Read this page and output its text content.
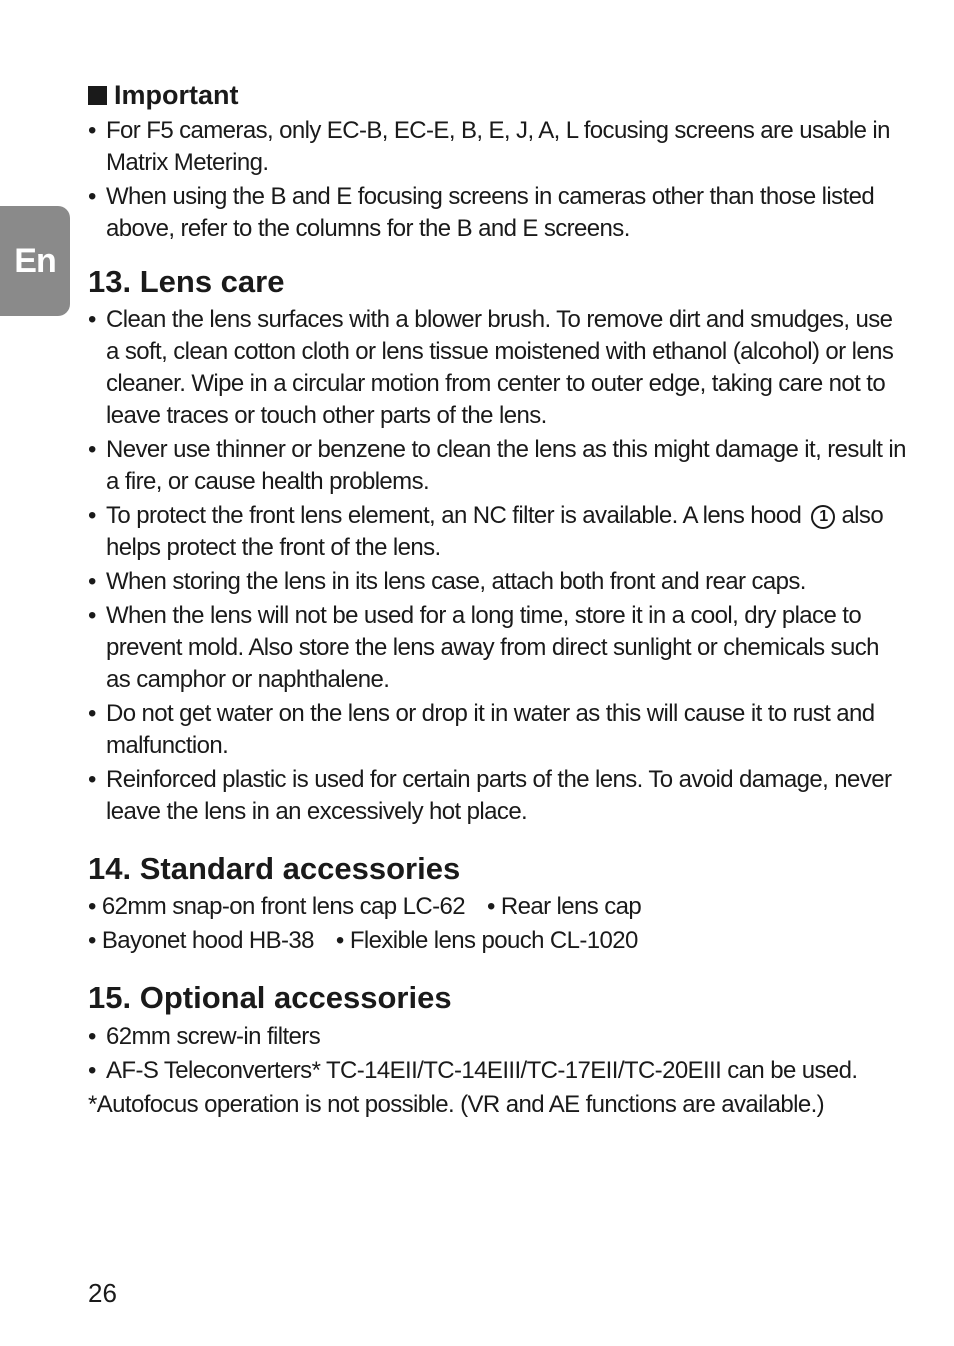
En
Important
• For F5 cameras, only EC-B, EC-E, B, E, J, A, L focusing screens are usable in Matrix Metering.
• When using the B and E focusing screens in cameras other than those listed above, refer to the columns for the B and E screens.
13. Lens care
• Clean the lens surfaces with a blower brush. To remove dirt and smudges, use a soft, clean cotton cloth or lens tissue moistened with ethanol (alcohol) or lens cleaner. Wipe in a circular motion from center to outer edge, taking care not to leave traces or touch other parts of the lens.
• Never use thinner or benzene to clean the lens as this might damage it, result in a fire, or cause health problems.
• To protect the front lens element, an NC filter is available. A lens hood 1 also helps protect the front of the lens.
• When storing the lens in its lens case, attach both front and rear caps.
• When the lens will not be used for a long time, store it in a cool, dry place to prevent mold. Also store the lens away from direct sunlight or chemicals such as camphor or naphthalene.
• Do not get water on the lens or drop it in water as this will cause it to rust and malfunction.
• Reinforced plastic is used for certain parts of the lens. To avoid damage, never leave the lens in an excessively hot place.
14. Standard accessories
• 62mm snap-on front lens cap LC-62 • Rear lens cap
• Bayonet hood HB-38 • Flexible lens pouch CL-1020
15. Optional accessories
• 62mm screw-in filters
• AF-S Teleconverters* TC-14EII/TC-14EIII/TC-17EII/TC-20EIII can be used.
*Autofocus operation is not possible. (VR and AE functions are available.)
26
